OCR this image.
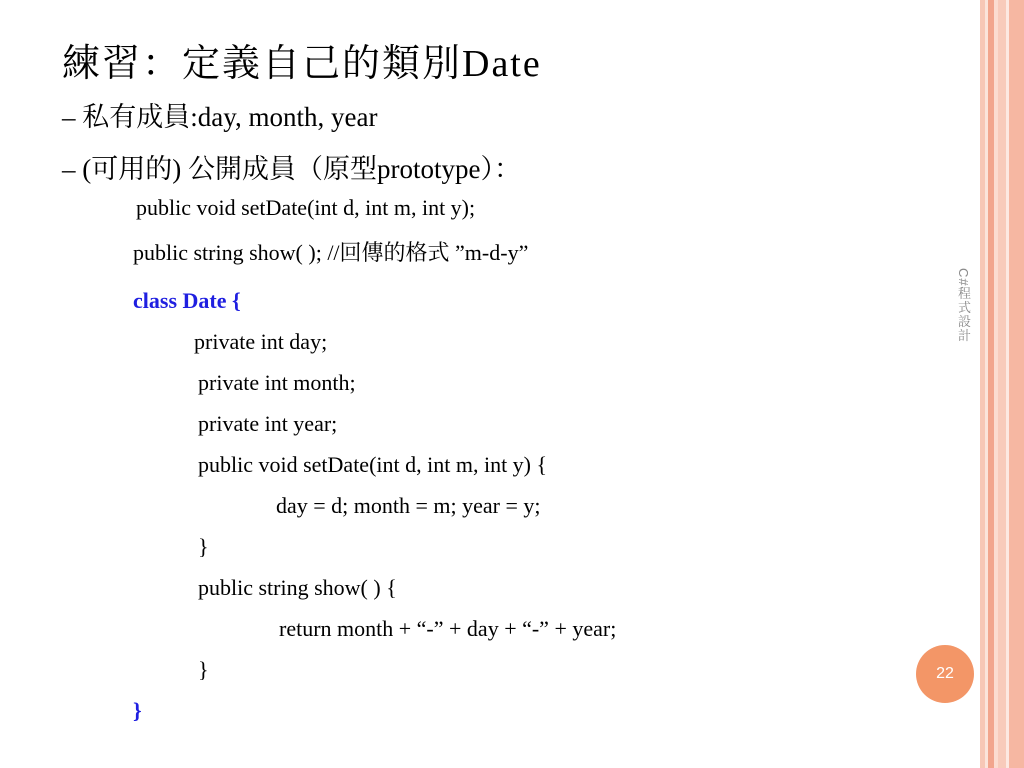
練習：定義自己的類別Date
– 私有成員:day, month, year
– (可用的) 公開成員（原型prototype）：
public void setDate(int d, int m, int y);
public string show( ); //回傳的格式 ”m-d-y”
class Date {
private int day;
private int month;
private int year;
public void setDate(int d, int m, int y) {
day = d; month = m; year = y;
}
public string show( ) {
return month + “-” + day + “-” + year;
}
}
C#程式設計
22
